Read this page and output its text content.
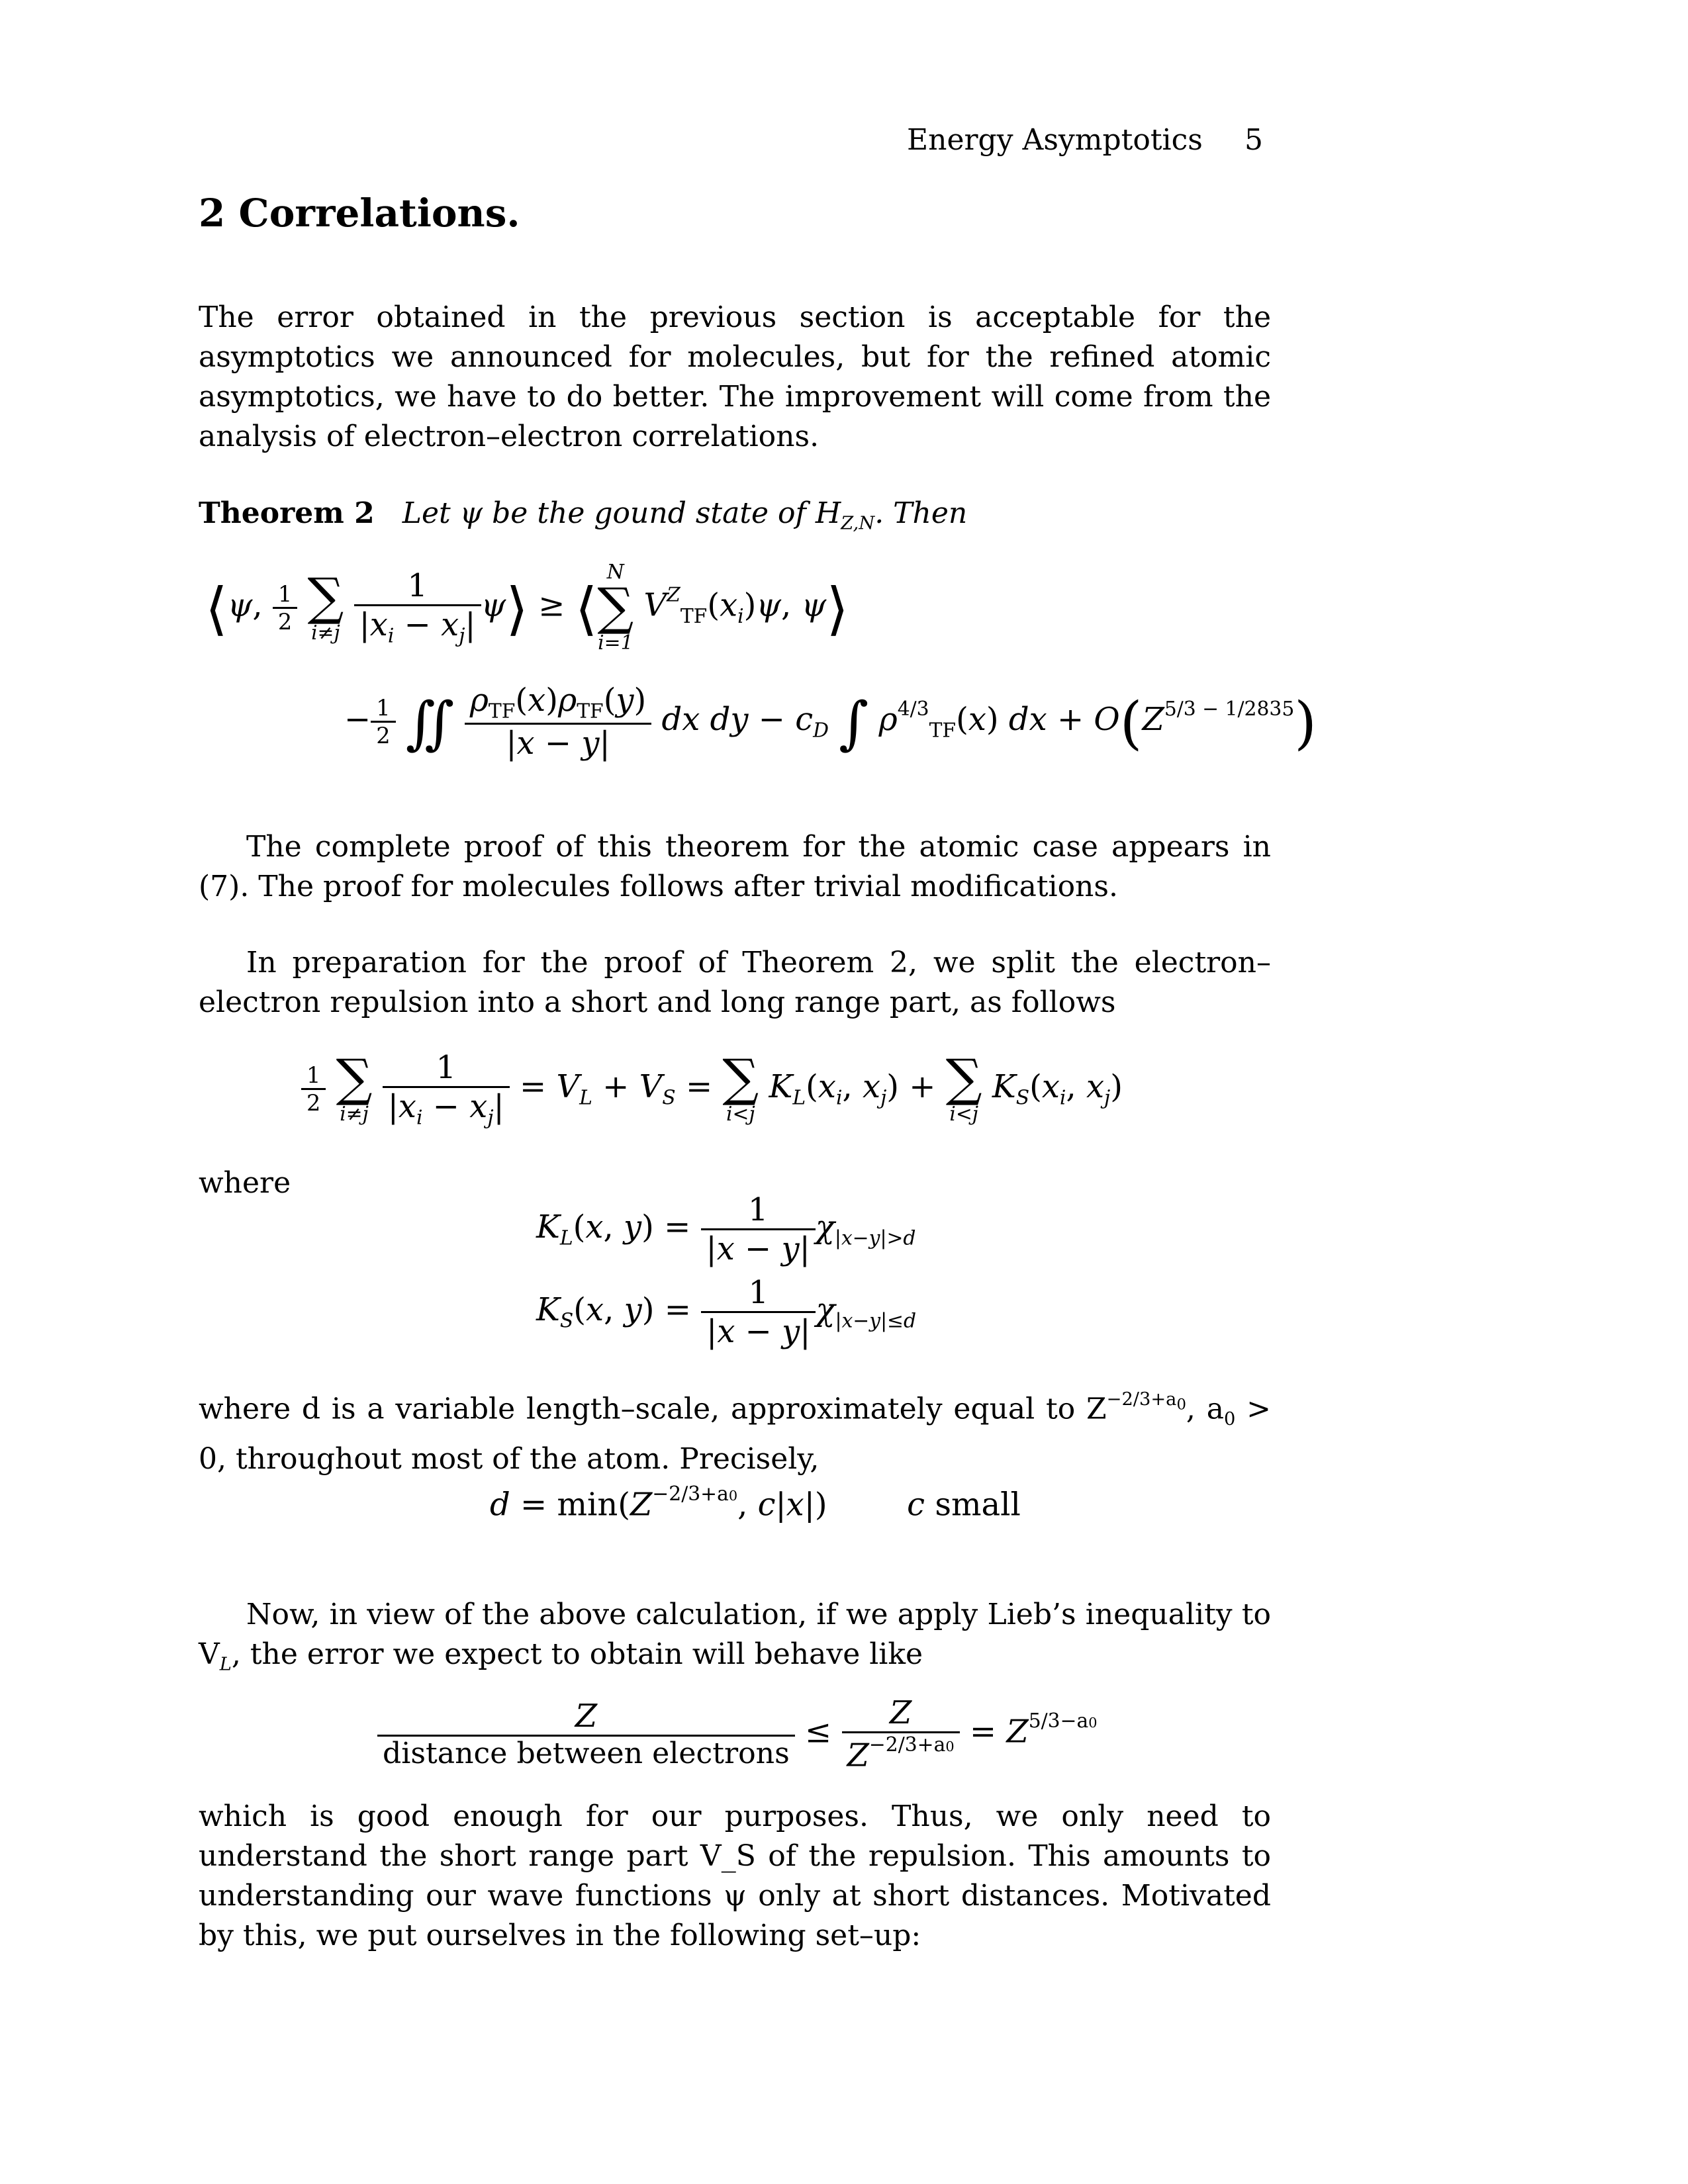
Energy Asymptotics 5
2 Correlations.
The error obtained in the previous section is acceptable for the asymptotics we announced for molecules, but for the refined atomic asymptotics, we have to do better. The improvement will come from the analysis of electron–electron correlations.
Theorem 2 Let ψ be the gound state of $H_{Z,N}$. Then
⟨ψ, $\frac{1}{2}$
∑
i≠j
$\frac{1}{|x_i - x_j|}$ ψ⟩ ≥ ⟨
N
∑
i=1
$V^Z_{TF}(x_i)\psi$, ψ⟩
− $\frac{1}{2}$ ∬ $\frac{\rho_{TF}(x)\rho_{TF}(y)}{|x - y|}$ dx dy − $c_D$ ∫ $\rho^{4/3}_{TF}(x)$ dx + $O(Z^{5/3 - 1/2835})$
The complete proof of this theorem for the atomic case appears in (7). The proof for molecules follows after trivial modifications.
In preparation for the proof of Theorem 2, we split the electron–electron repulsion into a short and long range part, as follows
$\frac{1}{2}$
∑
i≠j
$\frac{1}{|x_i - x_j|} = V_L + V_S$ = ∑
i<j
$K_L(x_i$, $x_j$) + ∑
i<j
$K_S(x_i$, $x_j$)
where
$K_L(x$, $y) = \frac{1}{|x - y|} \chi_{|x-y|>d}$
$K_S(x$, $y) = \frac{1}{|x - y|} \chi_{|x-y|\le d}$
where d is a variable length–scale, approximately equal to $Z^{-2/3+a_0}$, $a_0 > 0$, throughout most of the atom. Precisely,
$d = \min(Z^{-2/3+a0}$, c|x|)  c small
Now, in view of the above calculation, if we apply Lieb’s inequality to $V_L$, the error we expect to obtain will behave like
$\frac{Z}{\text{distance between electrons}} \le \frac{Z}{Z^{-2/3+a0}} = Z^{5/3-a0}$
which is good enough for our purposes. Thus, we only need to understand the short range part V_S of the repulsion. This amounts to understanding our wave functions ψ only at short distances. Motivated by this, we put ourselves in the following set–up:
